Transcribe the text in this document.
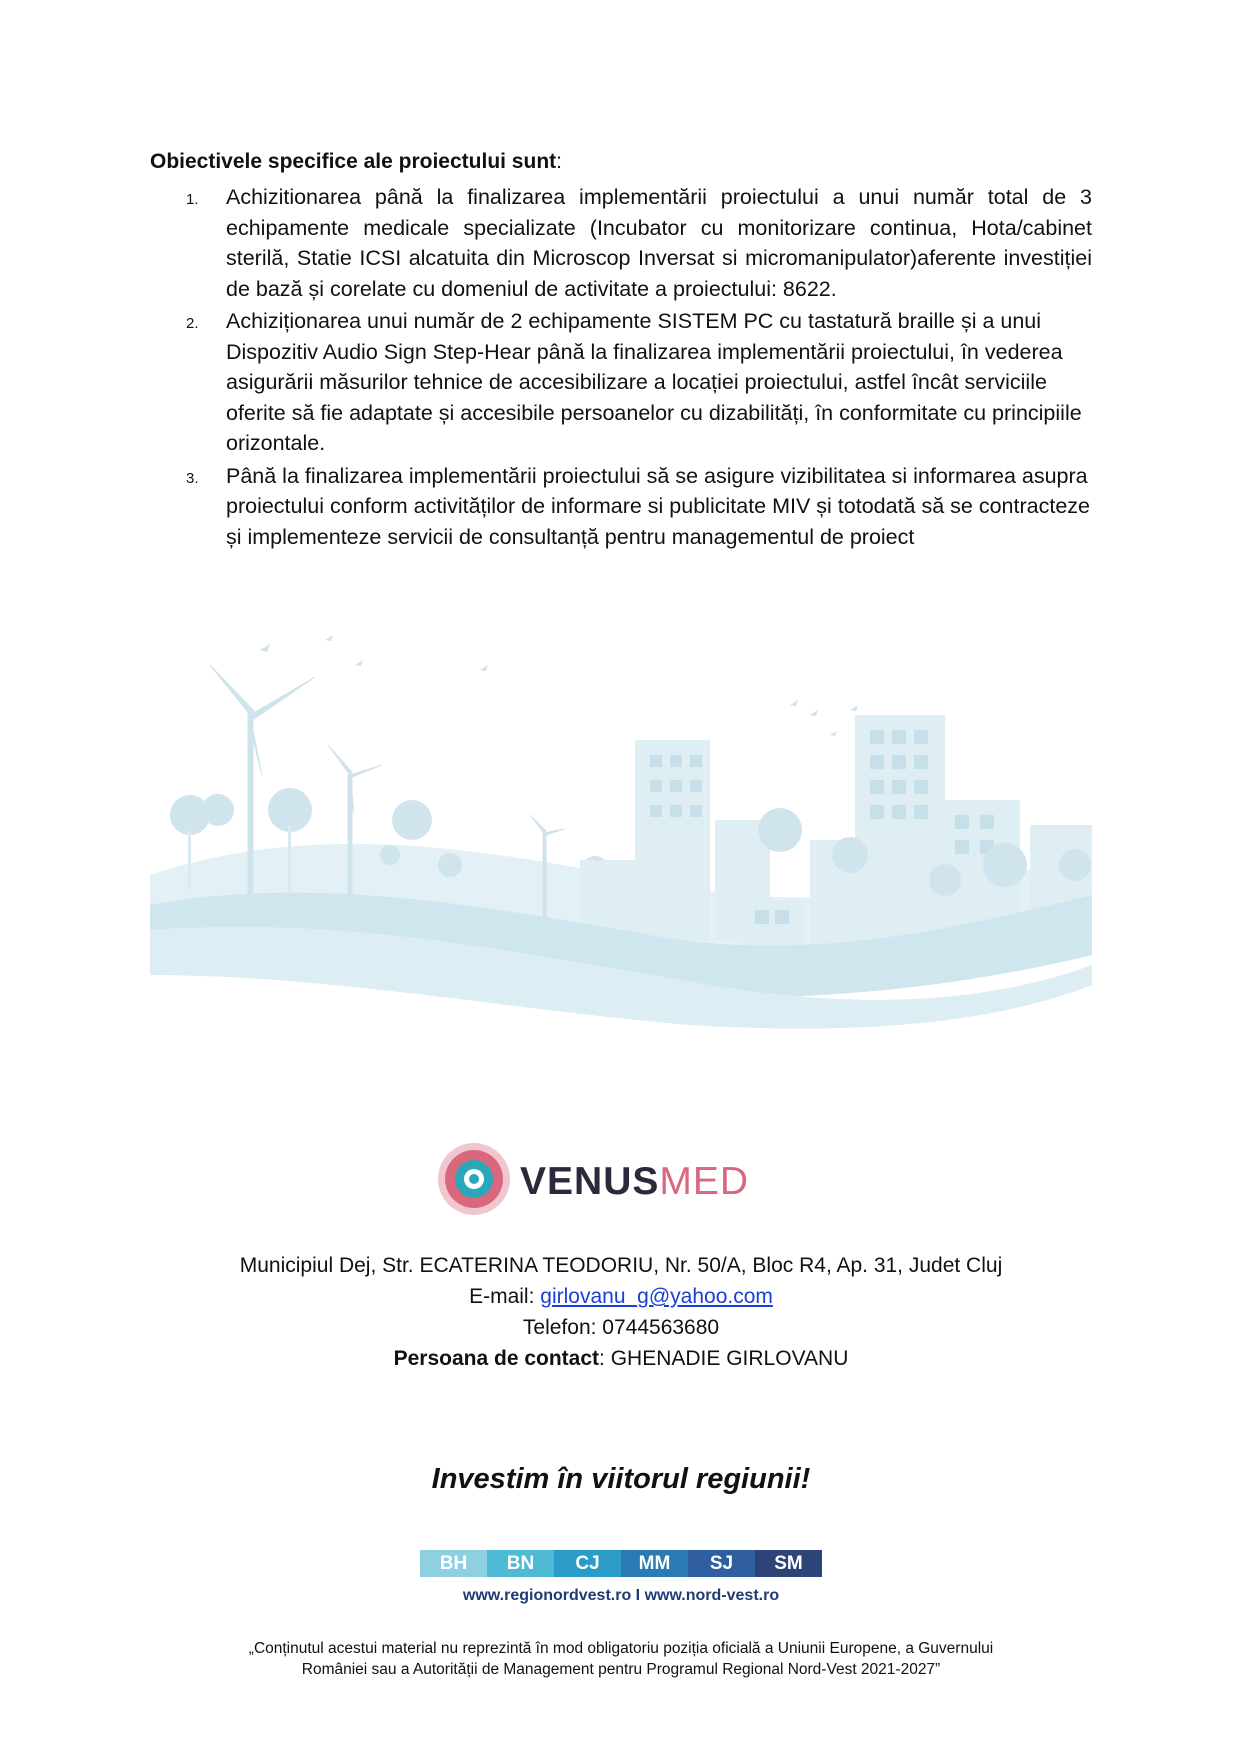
Obiectivele specifice ale proiectului sunt:
1. Achizitionarea până la finalizarea implementării proiectului a unui număr total de 3 echipamente medicale specializate (Incubator cu monitorizare continua, Hota/cabinet sterilă, Statie ICSI alcatuita din Microscop Inversat si micromanipulator)aferente investiției de bază și corelate cu domeniul de activitate a proiectului: 8622.
2. Achiziționarea unui număr de 2 echipamente SISTEM PC cu tastatură braille și a unui Dispozitiv Audio Sign Step-Hear până la finalizarea implementării proiectului, în vederea asigurării măsurilor tehnice de accesibilizare a locației proiectului, astfel încât serviciile oferite să fie adaptate și accesibile persoanelor cu dizabilități, în conformitate cu principiile orizontale.
3. Până la finalizarea implementării proiectului să se asigure vizibilitatea si informarea asupra proiectului conform activităților de informare si publicitate MIV și totodată să se contracteze și implementeze servicii de consultanță pentru managementul de proiect
VENUSMED
Municipiul Dej, Str. ECATERINA TEODORIU, Nr. 50/A, Bloc R4, Ap. 31, Judet Cluj
E-mail: girlovanu_g@yahoo.com
Telefon: 0744563680
Persoana de contact: GHENADIE GIRLOVANU
Investim în viitorul regiunii!
BH	BN	CJ	MM	SJ	SM
www.regionordvest.ro I www.nord-vest.ro
„Conținutul acestui material nu reprezintă în mod obligatoriu poziția oficială a Uniunii Europene, a Guvernului
României sau a Autorității de Management pentru Programul Regional Nord-Vest 2021-2027”
